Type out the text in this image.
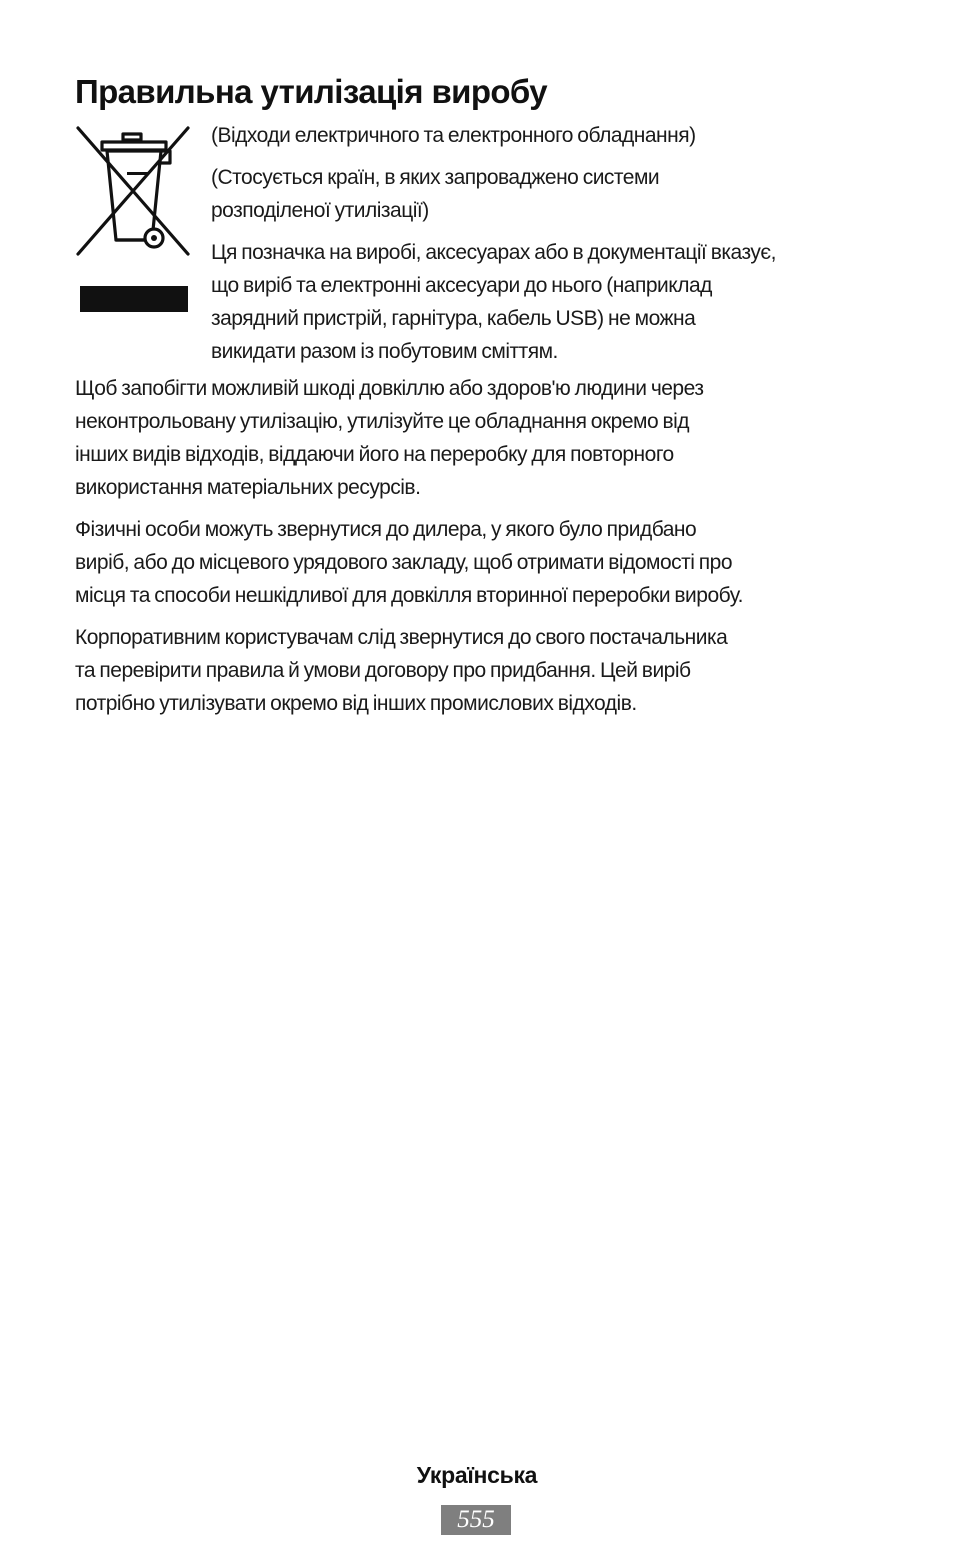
Правильна утилізація виробу

(Відходи електричного та електронного обладнання)

(Стосується країн, в яких запроваджено системи
розподіленої утилізації)

Ця позначка на виробі, аксесуарах або в документації вказує,
що виріб та електронні аксесуари до нього (наприклад
зарядний пристрій, гарнітура, кабель USB) не можна
викидати разом із побутовим сміттям.

Щоб запобігти можливій шкоді довкіллю або здоров'ю людини через
неконтрольовану утилізацію, утилізуйте це обладнання окремо від
інших видів відходів, віддаючи його на переробку для повторного
використання матеріальних ресурсів.

Фізичні особи можуть звернутися до дилера, у якого було придбано
виріб, або до місцевого урядового закладу, щоб отримати відомості про
місця та способи нешкідливої для довкілля вторинної переробки виробу.

Корпоративним користувачам слід звернутися до свого постачальника
та перевірити правила й умови договору про придбання. Цей виріб
потрібно утилізувати окремо від інших промислових відходів.

Українська
555
